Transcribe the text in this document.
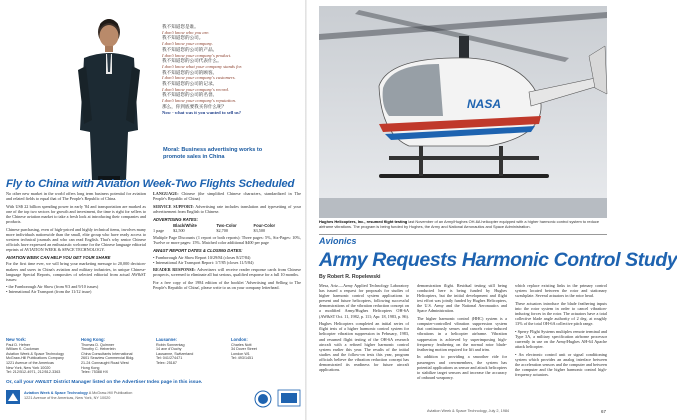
我不知道您是谁。
I don't know who you are.
我不知道您的公司。
I don't know your company.
我不知道您的公司的产品。
I don't know your company's product.
我不知道您的公司代表什么。
I don't know what your company stands for.
我不知道您的公司的顾客。
I don't know your company's customers.
我不知道您的公司的记录。
I don't know your company's record.
我不知道您的公司的名誉。
I don't know your company's reputation.
那么，你到底要我买你什么呢？
Now - what was it you wanted to sell us?
Moral: Business advertising works to promote sales in China
Fly to China with Aviation Week-Two Flights Scheduled

No other new market in the world offers long term business potential for aviation and related fields to equal that of The People's Republic of China.

With US$ 22 billion spending power in early '84 and transportation are marked as one of the top two sectors for growth and investment, the time is right for sellers to the Chinese aviation market to take a fresh look at introducing their companies and products.

Chinese purchasing, even of high-priced and highly technical items, involves many more individuals nationwide than the small, elite group who have ready access to western technical journals and who can read English. That's why senior Chinese officials have expressed an enthusiastic welcome for the Chinese language editorial reprints of AVIATION WEEK & SPACE TECHNOLOGY.

AVIATION WEEK CAN HELP YOU GET YOUR SHARE

For the first time ever, we will bring your marketing message to 20,000 decision-makers and users in China's aviation and military industries, in unique Chinese-language Special Reports, composites of selected editorial from actual AW&ST issues:

• the Farnborough Air Show (from 9/3 and 9/10 issues)
• International Air Transport (from the 11/12 issue)

LANGUAGE: Chinese (the simplified Chinese characters, standardized in The People's Republic of China)

SERVICE SUPPORT: Advertising rate includes translation and typesetting of your advertisement from English to Chinese.

ADVERTISING RATES:
	Black/White	Two-Color	Four-Color
1 page	$2,500	$2,700	$3,500

Multiple Page Discounts (1 report or both reports): Three pages: 5%, Six-Pages: 10%, Twelve or more pages: 15%. Matched color additional $400 per page

AW&ST REPORT DATES & CLOSING DATES:
• Farnborough Air Show Report 10/29/84 (closes 8/27/84)
• International Air Transport Report: 1/7/85 (closes 11/5/84)

READER RESPONSE: Advertisers will receive reader response cards from Chinese prospects, screened to eliminate all but serious, qualified response for a full 10 months.

For a free copy of the 1984 edition of the booklet 'Advertising and Selling to The People's Republic of China', please write to us on your company letterhead.

New York:
Paul D. Hefner
William K. Cockman
Aviation Week & Space Technology
McGraw-Hill Publications Company
1221 Avenue of the Americas
New York, New York 10020
Tel: 212/512-4971, 212/512-3363
Hong Kong:
Thomas D. Quimner
Timothy C. Heberlein
China Consultants International
2601 Seaview Commercial Bldg.
21-24 Connaught Road West
Hong Kong
Telex: 75388 HX
Lausanne:
Robin Sonnentag
14 ave d'Ouchy
Lausanne, Switzerland
Tel: 041/274471
Telex: 25187
London:
Charles Nott
34 Dover Street
London W1
Tel: 493/1451
Or, call your AW&ST District Manager listed on the Advertiser Index page in this issue.
Aviation Week & Space Technology A McGraw-Hill Publication
1221 Avenue of the Americas, New York, NY 10020
NASA
Hughes Helicopters, Inc., resumed flight testing last November of an Army/Hughes OH-6A helicopter equipped with a higher harmonic control system to reduce airframe vibrations. The program is being funded by Hughes, the Army and National Aeronautics and Space Administration.
Avionics
Army Requests Harmonic Control Study
By Robert R. Ropelewski

Mesa, Ariz.—Army Applied Technology Laboratory has issued a request for proposals for studies of higher harmonic control system applications to present and future helicopters, following successful demonstrations of the vibration reduction concept on a modified Army/Hughes Helicopters OH-6A (AW&ST Oct. 11, 1982, p. 111; Apr. 18, 1983, p. 86).

Hughes Helicopters completed an initial series of flight tests of a higher harmonic control system for helicopter vibration suppression in February, 1983, and resumed flight testing of the OH-6A research aircraft with a refined higher harmonic control system earlier this year. The results of the initial studies and the follow-on tests this year, program officials believe the vibration reduction concept has demonstrated its readiness for future aircraft applications.

demonstration flight. Residual testing still being conducted here is being funded by Hughes Helicopters, but the initial development and flight test effort was jointly funded by Hughes Helicopters, the U.S. Army and the National Aeronautics and Space Administration.

The higher harmonic control (HHC) system is a computer-controlled vibration suppression system that continuously senses and cancels rotor-induced vibrations in a helicopter airframe. Vibration suppression is achieved by superimposing high-frequency feathering on the normal rotor blade-feathering motion required for lift and trim.

In addition to providing a smoother ride for passengers and crewmembers, the system has potential applications as sensor and attack helicopters to stabilize target sensors and increase the accuracy of onboard weaponry.

which replace existing links in the primary control system located between the rotor and stationary swashplate. Several actuators in the rotor head.

These actuators introduce the blade feathering inputs into the rotor system in order to cancel vibration-inducing forces in the rotor. The actuators have a total collective blade angle authority of 2 deg. at roughly 13% of the total OH-6A collective pitch range.

• Sperry Flight Systems multiplex remote terminal and Type 3A, a military specification airborne processor currently in use on the Army/Hughes AH-64 Apache attack helicopter.

• An electronic control unit or signal conditioning system which provides an analog interface between the acceleration sensors and the computer and between the computer and the higher harmonic control high-frequency actuators.

Aviation Week & Space Technology, July 2, 1984	67
